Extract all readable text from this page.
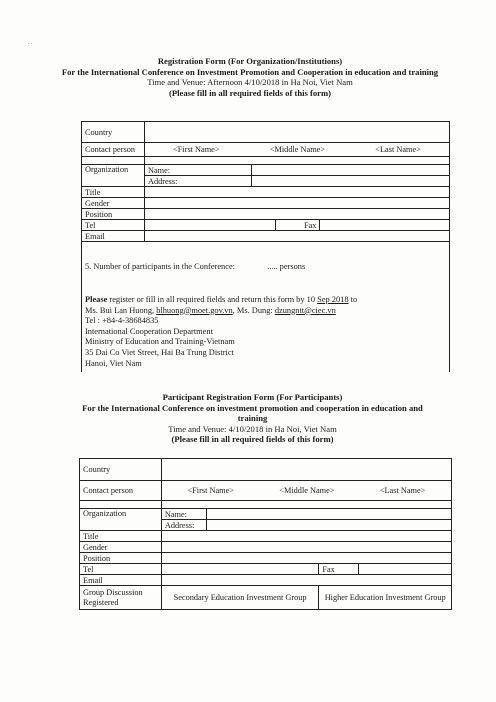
. .
Registration Form (For Organization/Institutions)
For the International Conference on Investment Promotion and Cooperation in education and training
Time and Venue: Afternoon 4/10/2018 in Ha Noi, Viet Nam
(Please fill in all required fields of this form)
Country				
Contact person	<First Name> <Middle Name> <Last Name>			

Organization	Name:			
	Address:			
Title				
Gender				
Position				
Tel			Fax	
Email				

5. Number of participants in the Conference:	..... persons
Please register or fill in all required fields and return this form by 10 Sep 2018 to
Ms. Bui Lan Huong, blhuong@moet.gov.vn, Ms. Dung: dzungntt@ciec.vn
Tel : +84-4-38684835
International Cooperation Department
Ministry of Education and Training-Vietnam
35 Dai Co Viet Street, Hai Ba Trung District
Hanoi, Viet Nam
Participant Registration Form (For Participants)
For the International Conference on investment promotion and cooperation in education and training
Time and Venue: 4/10/2018 in Ha Noi, Viet Nam
(Please fill in all required fields of this form)
Country				
Contact person	<First Name> <Middle Name> <Last Name>			

Organization	Name:			
	Address:			
Title				
Gender				
Position				
Tel			Fax	
Email				
Group Discussion Registered	Secondary Education Investment Group		Higher Education Investment Group	
